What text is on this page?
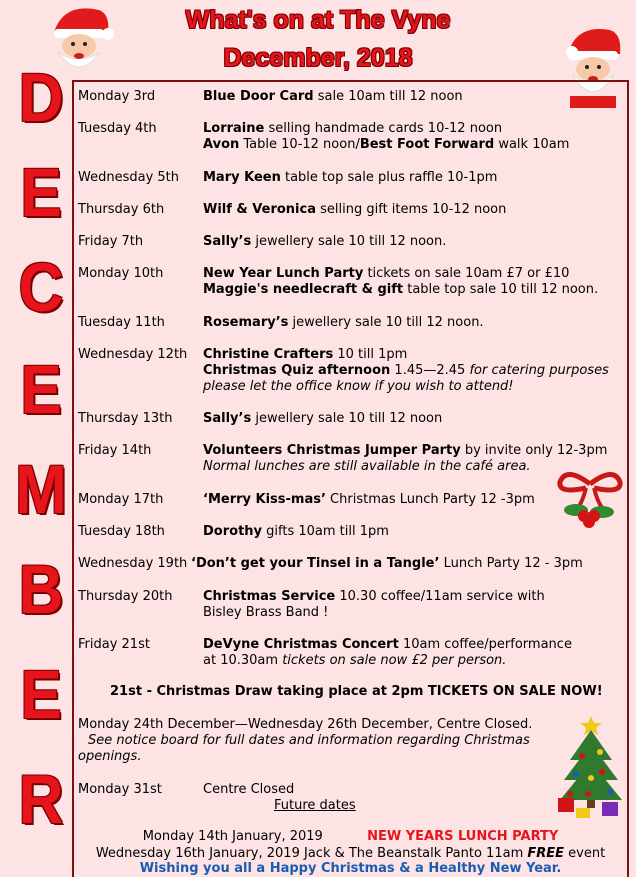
What's on at The Vyne
December, 2018
D
E
C
E
M
B
E
R
Monday 3rd	Blue Door Card sale 10am till 12 noon
Tuesday 4th	Lorraine selling handmade cards 10-12 noon
Avon Table 10-12 noon/Best Foot Forward walk 10am
Wednesday 5th Mary Keen table top sale plus raffle 10-1pm
Thursday 6th	Wilf & Veronica selling gift items 10-12 noon
Friday 7th	Sally’s jewellery sale 10 till 12 noon.
Monday 10th	New Year Lunch Party tickets on sale 10am £7 or £10
Maggie's needlecraft & gift table top sale 10 till 12 noon.
Tuesday 11th	Rosemary’s jewellery sale 10 till 12 noon.
Wednesday 12th Christine Crafters 10 till 1pm
Christmas Quiz afternoon 1.45—2.45 for catering purposes please let the office know if you wish to attend!
Thursday 13th Sally’s jewellery sale 10 till 12 noon
Friday 14th	Volunteers Christmas Jumper Party by invite only 12-3pm
Normal lunches are still available in the café area.
Monday 17th	‘Merry Kiss-mas’ Christmas Lunch Party 12 -3pm
Tuesday 18th	Dorothy gifts 10am till 1pm
Wednesday 19th ‘Don’t get your Tinsel in a Tangle’ Lunch Party 12 - 3pm
Thursday 20th Christmas Service 10.30 coffee/11am service with
Bisley Brass Band !
Friday 21st	DeVyne Christmas Concert 10am coffee/performance
at 10.30am tickets on sale now £2 per person.
21st - Christmas Draw taking place at 2pm TICKETS ON SALE NOW!
Monday 24th December—Wednesday 26th December, Centre Closed.
See notice board for full dates and information regarding Christmas openings.
Monday 31st	Centre Closed
Future dates
Monday 14th January, 2019	NEW YEARS LUNCH PARTY
Wednesday 16th January, 2019 Jack & The Beanstalk Panto 11am FREE event
Wishing you all a Happy Christmas & a Healthy New Year.
